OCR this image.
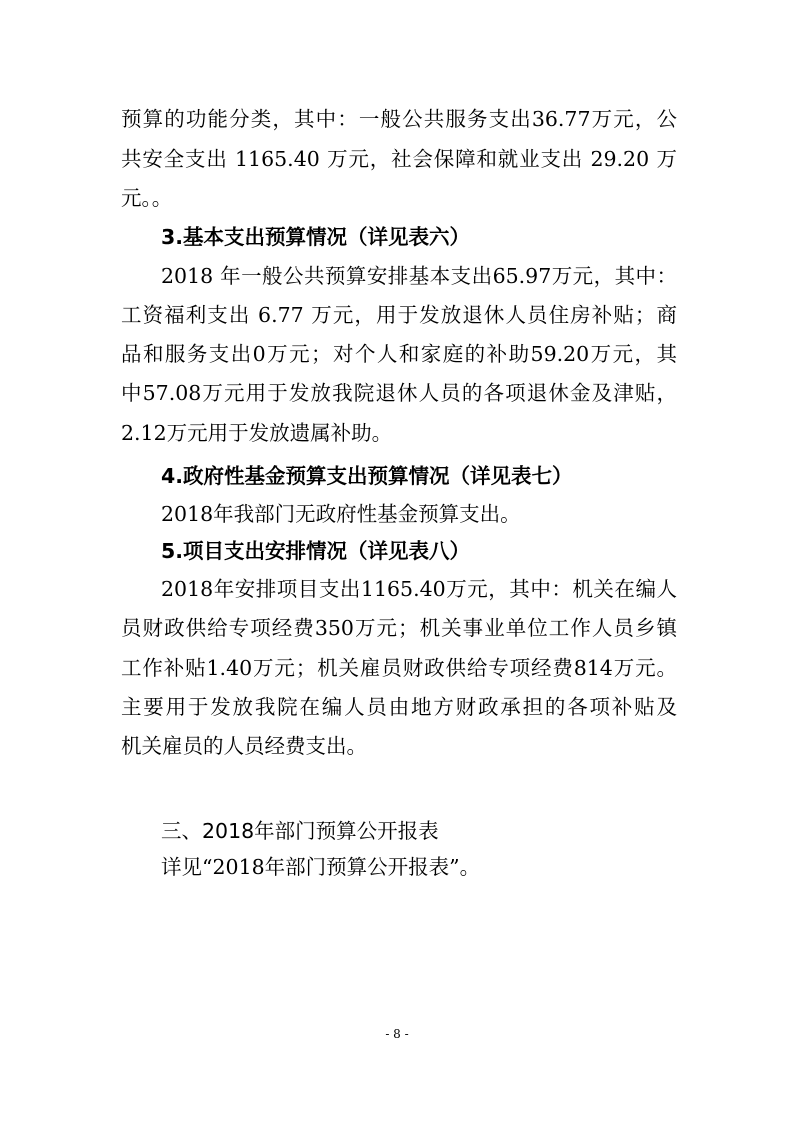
预算的功能分类，其中：一般公共服务支出36.77万元，公
共安全支出 1165.40 万元，社会保障和就业支出 29.20 万
元。。
3.基本支出预算情况（详见表六）
2018 年一般公共预算安排基本支出65.97万元，其中：
工资福利支出 6.77 万元，用于发放退休人员住房补贴；商
品和服务支出0万元；对个人和家庭的补助59.20万元，其
中57.08万元用于发放我院退休人员的各项退休金及津贴，
2.12万元用于发放遗属补助。
4.政府性基金预算支出预算情况（详见表七）
2018年我部门无政府性基金预算支出。
5.项目支出安排情况（详见表八）
2018年安排项目支出1165.40万元，其中：机关在编人
员财政供给专项经费350万元；机关事业单位工作人员乡镇
工作补贴1.40万元；机关雇员财政供给专项经费814万元。
主要用于发放我院在编人员由地方财政承担的各项补贴及
机关雇员的人员经费支出。
三、2018年部门预算公开报表
详见“2018年部门预算公开报表”。
- 8 -
